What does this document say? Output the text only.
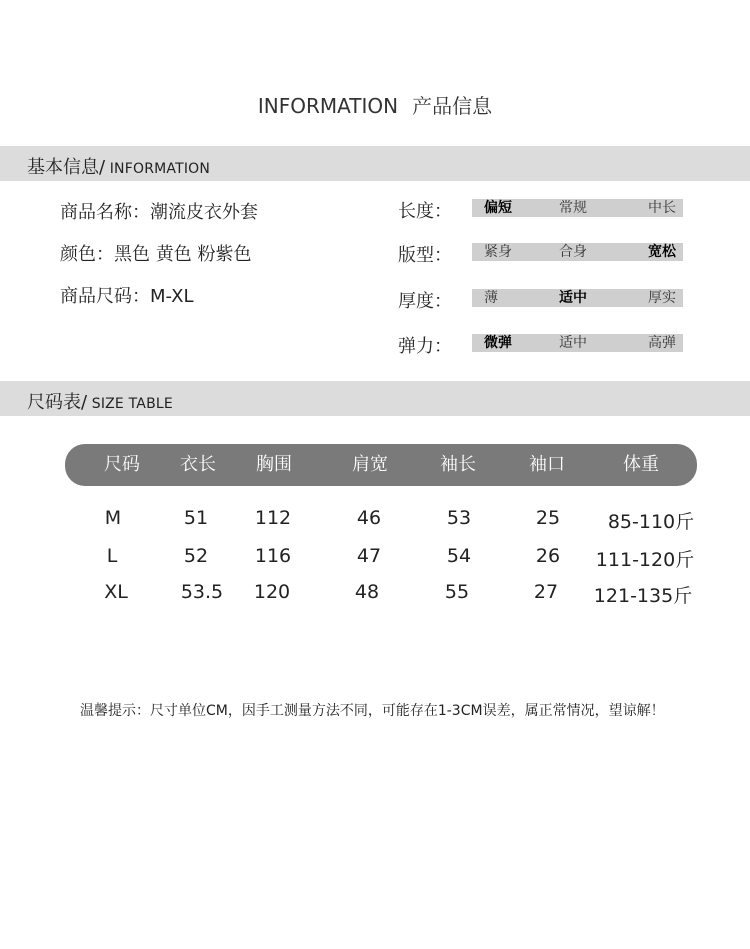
INFORMATION 产品信息
基本信息/ INFORMATION
商品名称：潮流皮衣外套
颜色：黑色 黄色 粉紫色
商品尺码：M-XL
长度： 偏短	常规	中长
版型： 紧身	合身	宽松
厚度： 薄	适中	厚实
弹力： 微弹	适中	高弹
尺码表/ SIZE TABLE
尺码 衣长 胸围	肩宽	袖长	袖口	体重
M	51 112	46	53	25	85-110斤
L	52 116	47	54	26 111-120斤
XL	53.5 120	48	55	27 121-135斤
温馨提示：尺寸单位CM，因手工测量方法不同，可能存在1-3CM误差，属正常情况，望谅解！
